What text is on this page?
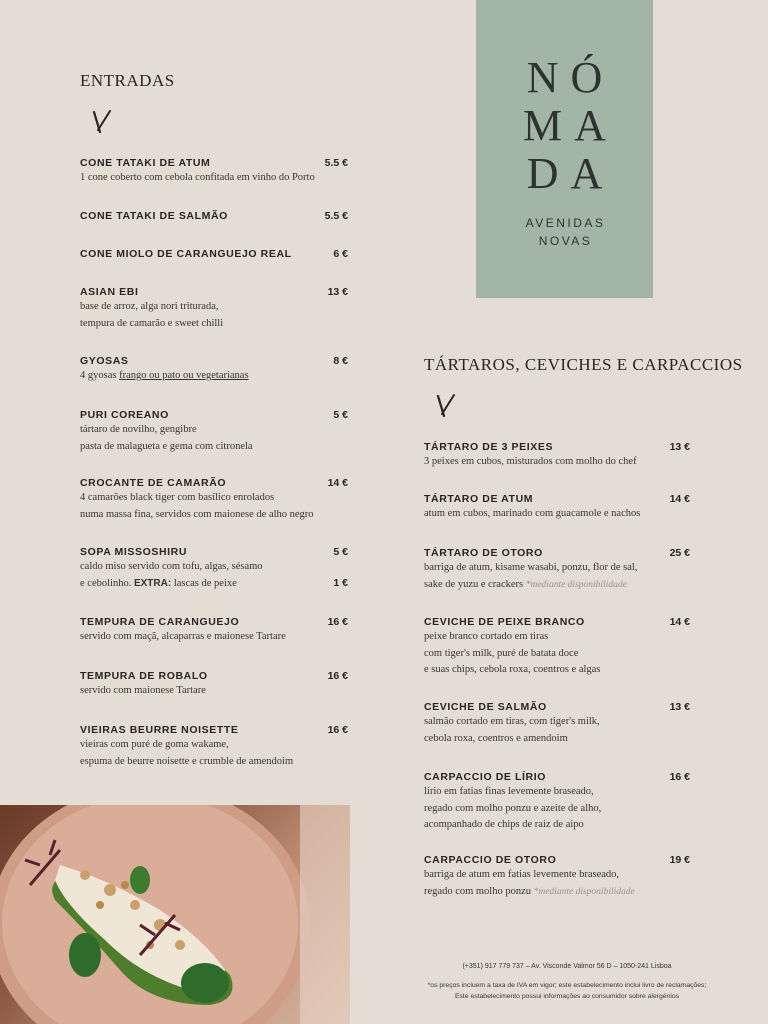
NÓ
MA
DA
AVENIDAS
NOVAS
ENTRADAS
CONE TATAKI DE ATUM	5.5 €
1 cone coberto com cebola confitada em vinho do Porto
CONE TATAKI DE SALMÃO	5.5 €
CONE MIOLO DE CARANGUEJO REAL	6 €
ASIAN EBI	13 €
base de arroz, alga nori triturada,
tempura de camarão e sweet chilli
GYOSAS	8 €
4 gyosas frango ou pato ou vegetarianas
PURI COREANO	5 €
tártaro de novilho, gengibre
pasta de malagueta e gema com citronela
CROCANTE DE CAMARÃO	14 €
4 camarões black tiger com basílico enrolados
numa massa fina, servidos com maionese de alho negro
SOPA MISSOSHIRU	5 €
caldo miso servido com tofu, algas, sésamo
e cebolinho. EXTRA: lascas de peixe	1 €
TEMPURA DE CARANGUEJO	16 €
servido com maçã, alcaparras e maionese Tartare
TEMPURA DE ROBALO	16 €
servido com maionese Tartare
VIEIRAS BEURRE NOISETTE	16 €
vieiras com puré de goma wakame,
espuma de beurre noisette e crumble de amendoim
TÁRTAROS, CEVICHES E CARPACCIOS
TÁRTARO DE 3 PEIXES	13 €
3 peixes em cubos, misturados com molho do chef
TÁRTARO DE ATUM	14 €
atum em cubos, marinado com guacamole e nachos
TÁRTARO DE OTORO	25 €
barriga de atum, kisame wasabi, ponzu, flor de sal,
sake de yuzu e crackers *mediante disponibilidade
CEVICHE DE PEIXE BRANCO	14 €
peixe branco cortado em tiras
com tiger's milk, puré de batata doce
e suas chips, cebola roxa, coentros e algas
CEVICHE DE SALMÃO	13 €
salmão cortado em tiras, com tiger's milk,
cebola roxa, coentros e amendoim
CARPACCIO DE LÍRIO	16 €
lírio em fatias finas levemente braseado,
regado com molho ponzu e azeite de alho,
acompanhado de chips de raiz de aipo
CARPACCIO DE OTORO	19 €
barriga de atum em fatias levemente braseado,
regado com molho ponzu *mediante disponibilidade
(+351) 917 779 737 – Av. Visconde Valmor 56 D – 1050-241 Lisboa
*os preços incluem a taxa de IVA em vigor; este estabelecimento inclui livro de reclamações;
Este estabelecimento possui informações ao consumidor sobre alergénios
